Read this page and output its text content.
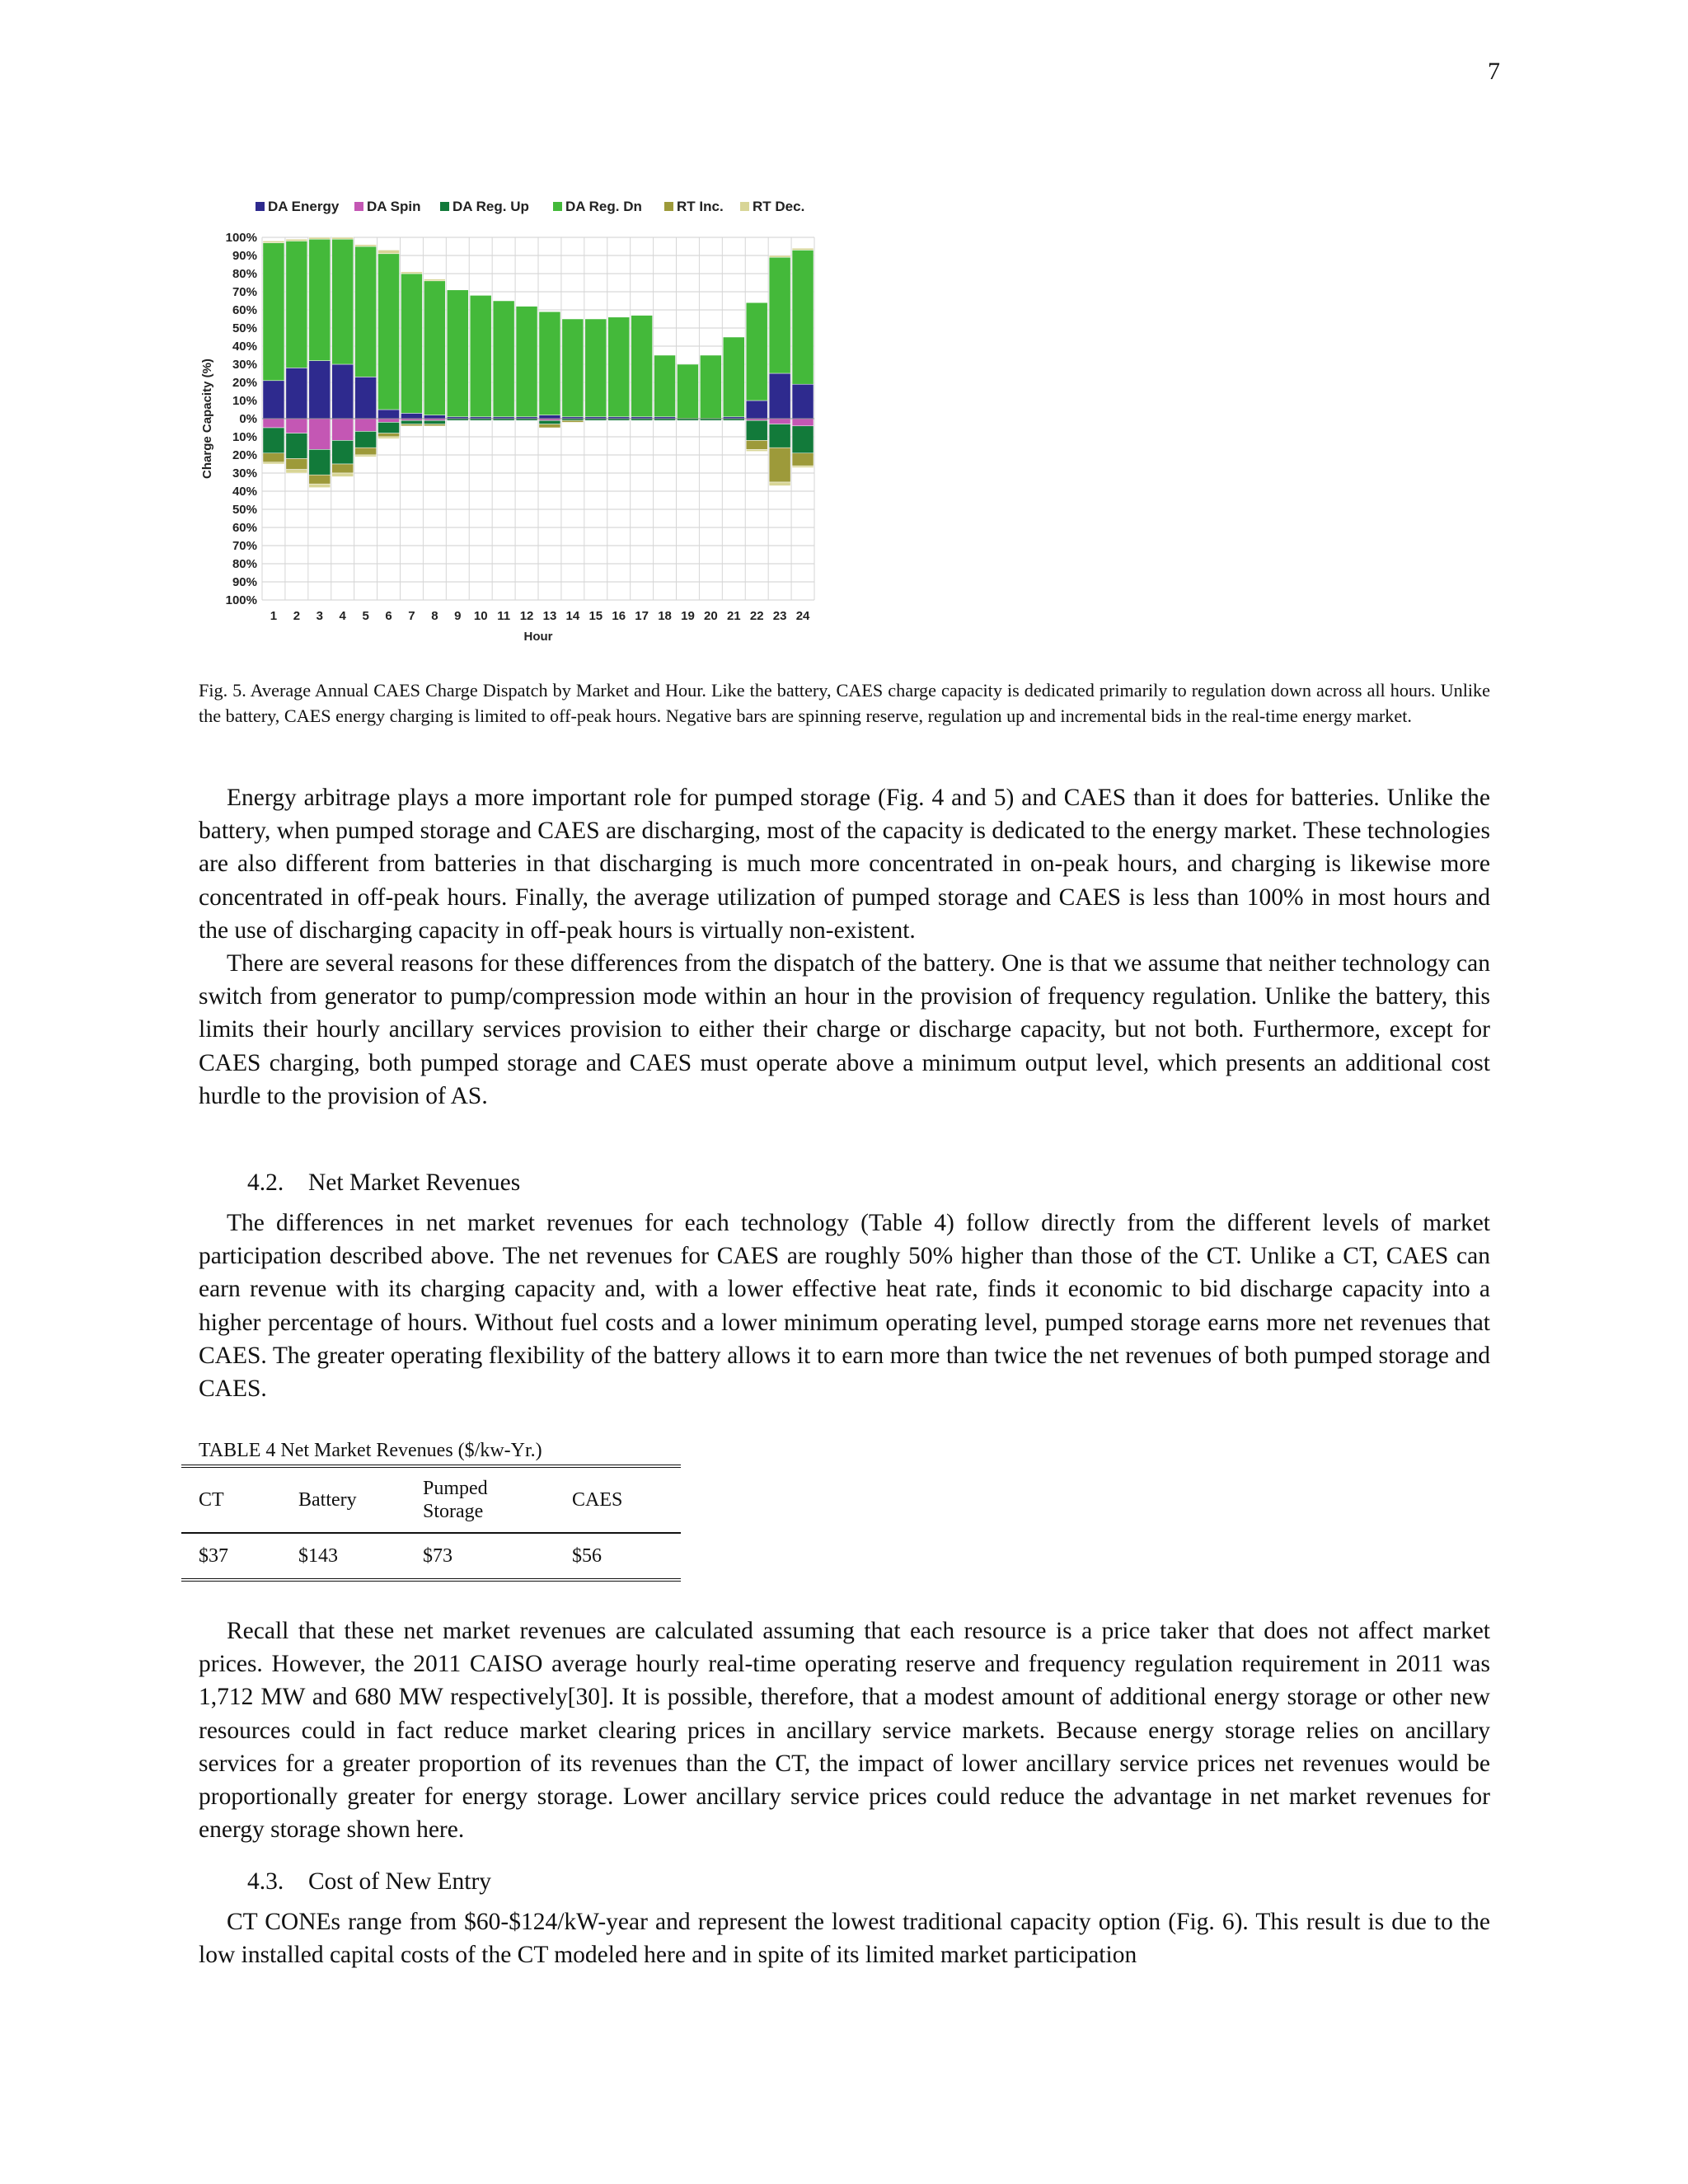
7
DA Energy DA Spin DA Reg. Up	DA Reg. Dn RT Inc. RT Dec.
100%
90%
80%
70%
60%
50%
40%
30%
20%
10%
0%
10%
20%
30%
40%
50%
60%
70%
80%
90%
100%
1 2 3 4 5 6 7 8 9 10 11 12 13 14 15 16 17 18 19 20 21 22 23 24
Hour
Charge Capacity (%)
Fig. 5. Average Annual CAES Charge Dispatch by Market and Hour. Like the battery, CAES charge capacity is dedicated primarily to regulation down across all hours. Unlike the battery, CAES energy charging is limited to off-peak hours. Negative bars are spinning reserve, regulation up and incremental bids in the real-time energy market.

Energy arbitrage plays a more important role for pumped storage (Fig. 4 and 5) and CAES than it does for batteries. Unlike the battery, when pumped storage and CAES are discharging, most of the capacity is dedicated to the energy market. These technologies are also different from batteries in that discharging is much more concentrated in on-peak hours, and charging is likewise more concentrated in off-peak hours. Finally, the average utilization of pumped storage and CAES is less than 100% in most hours and the use of discharging capacity in off-peak hours is virtually non-existent.

There are several reasons for these differences from the dispatch of the battery. One is that we assume that neither technology can switch from generator to pump/compression mode within an hour in the provision of frequency regulation. Unlike the battery, this limits their hourly ancillary services provision to either their charge or discharge capacity, but not both. Furthermore, except for CAES charging, both pumped storage and CAES must operate above a minimum output level, which presents an additional cost hurdle to the provision of AS.

4.2. Net Market Revenues

The differences in net market revenues for each technology (Table 4) follow directly from the different levels of market participation described above. The net revenues for CAES are roughly 50% higher than those of the CT. Unlike a CT, CAES can earn revenue with its charging capacity and, with a lower effective heat rate, finds it economic to bid discharge capacity into a higher percentage of hours. Without fuel costs and a lower minimum operating level, pumped storage earns more net revenues that CAES. The greater operating flexibility of the battery allows it to earn more than twice the net revenues of both pumped storage and CAES.

TABLE 4 Net Market Revenues ($/kw-Yr.)
CT	Battery	Pumped Storage	CAES
$37	$143	$73	$56

Recall that these net market revenues are calculated assuming that each resource is a price taker that does not affect market prices. However, the 2011 CAISO average hourly real-time operating reserve and frequency regulation requirement in 2011 was 1,712 MW and 680 MW respectively[30]. It is possible, therefore, that a modest amount of additional energy storage or other new resources could in fact reduce market clearing prices in ancillary service markets. Because energy storage relies on ancillary services for a greater proportion of its revenues than the CT, the impact of lower ancillary service prices net revenues would be proportionally greater for energy storage. Lower ancillary service prices could reduce the advantage in net market revenues for energy storage shown here.

4.3. Cost of New Entry

CT CONEs range from $60-$124/kW-year and represent the lowest traditional capacity option (Fig. 6). This result is due to the low installed capital costs of the CT modeled here and in spite of its limited market participation
